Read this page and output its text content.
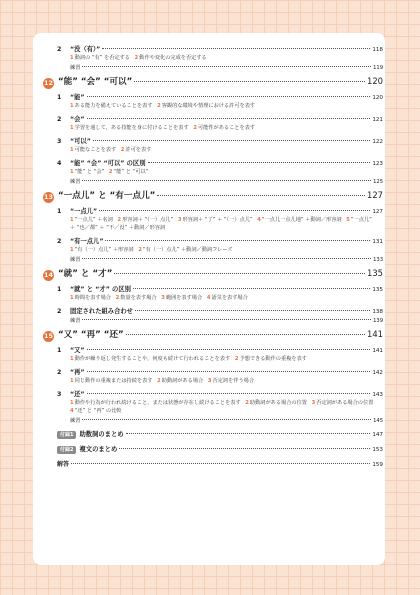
2	“没（有）”	118
1動詞の “有” を否定する 2動作や変化の完成を否定する
練習	119
12 “能” “会” “可以”	120
1	“能”	120
1ある能力を備えていることを表す 2客観的な環境や情理における許可を表す
2	“会”	121
1学習を通して，ある技能を身に付けることを表す 2可能性があることを表す
3	“可以”	122
1可能なことを表す 2許可を表す
4	“能” “会” “可以” の区別	123
1“能” と “会” 2“能” と “可以”
練習	125
13 “一点儿” と “有一点儿”	127
1	“一点儿”	127
1“一点儿” ＋名詞 2形容詞＋ “（一）点儿” 3形容詞＋ “了” ＋ “（一）点儿” 4“一点儿一点儿地” ＋動詞／形容詞 5“一点儿” ＋ “也／都” ＋ “不／没” ＋動詞／形容詞
2	“有一点儿”	131
1“有（一）点儿” ＋形容詞 2“有（一）点儿” ＋動詞／動詞フレーズ
練習	133
14 “就” と “才”	135
1	“就” と “才” の区別	135
1時間を表す場合 2数量を表す場合 3範囲を表す場合 4語気を表す場合
2	固定された組み合わせ	138
練習	139
15 “又” “再” “还”	141
1	“又”	141
1動作が繰り返し発生することや，何度も続けて行われることを表す 2予想できる動作の重複を表す
2	“再”	142
1同じ動作の重複または持続を表す 2助動詞がある場合 3否定詞を伴う場合
3	“还”	143
1動作や行為が行われ続けること，または状態が存在し続けることを表す 2助動詞がある場合の位置 3否定詞がある場合の位置 4“还” と “再” の比較
練習	145
付録1 助数詞のまとめ	147
付録2 複文のまとめ	153
解答	159
